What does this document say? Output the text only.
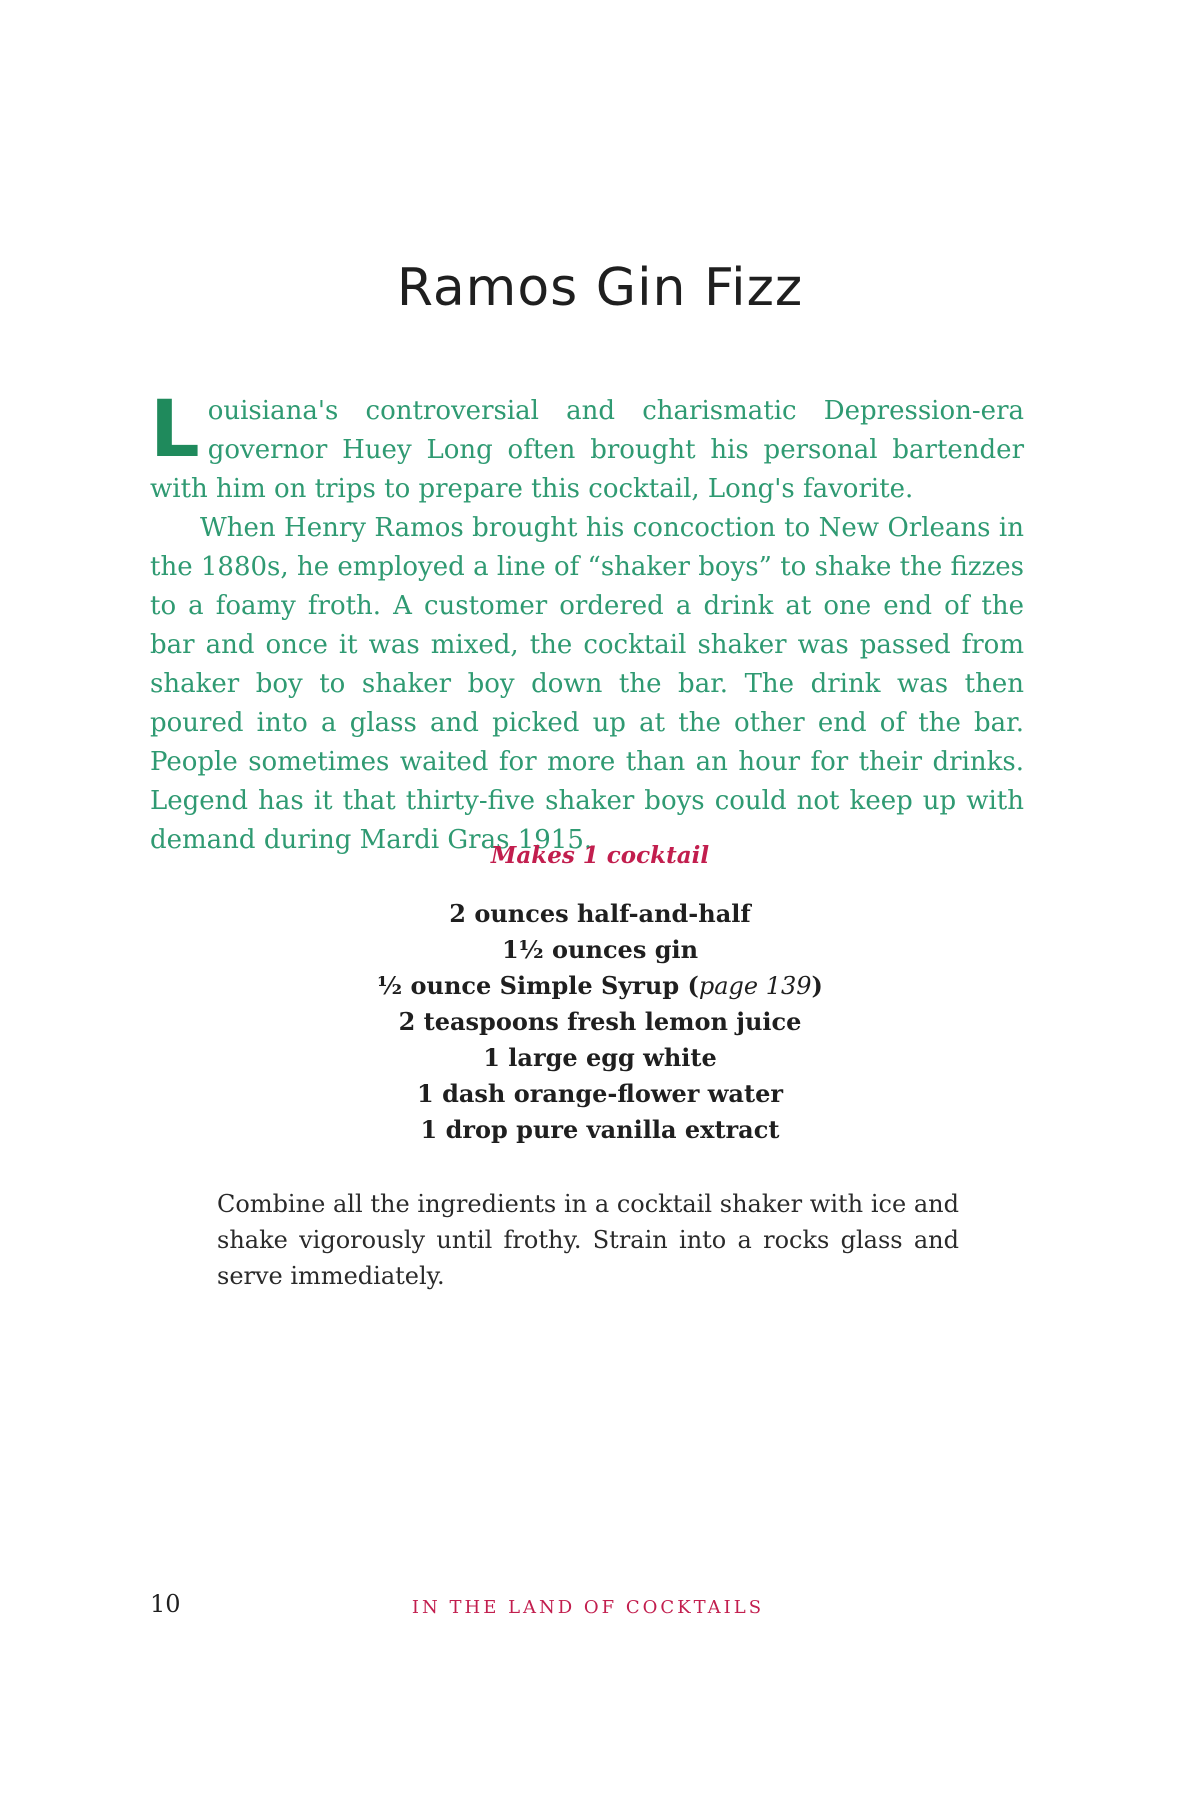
Ramos Gin Fizz

Louisiana's controversial and charismatic Depression-era governor Huey Long often brought his personal bartender with him on trips to prepare this cocktail, Long's favorite.

When Henry Ramos brought his concoction to New Orleans in the 1880s, he employed a line of “shaker boys” to shake the fizzes to a foamy froth. A customer ordered a drink at one end of the bar and once it was mixed, the cocktail shaker was passed from shaker boy to shaker boy down the bar. The drink was then poured into a glass and picked up at the other end of the bar. People sometimes waited for more than an hour for their drinks. Legend has it that thirty-five shaker boys could not keep up with demand during Mardi Gras 1915.

Makes 1 cocktail

2 ounces half-and-half
1½ ounces gin
½ ounce Simple Syrup (page 139)
2 teaspoons fresh lemon juice
1 large egg white
1 dash orange-flower water
1 drop pure vanilla extract

Combine all the ingredients in a cocktail shaker with ice and shake vigorously until frothy. Strain into a rocks glass and serve immediately.

10	IN THE LAND OF COCKTAILS
